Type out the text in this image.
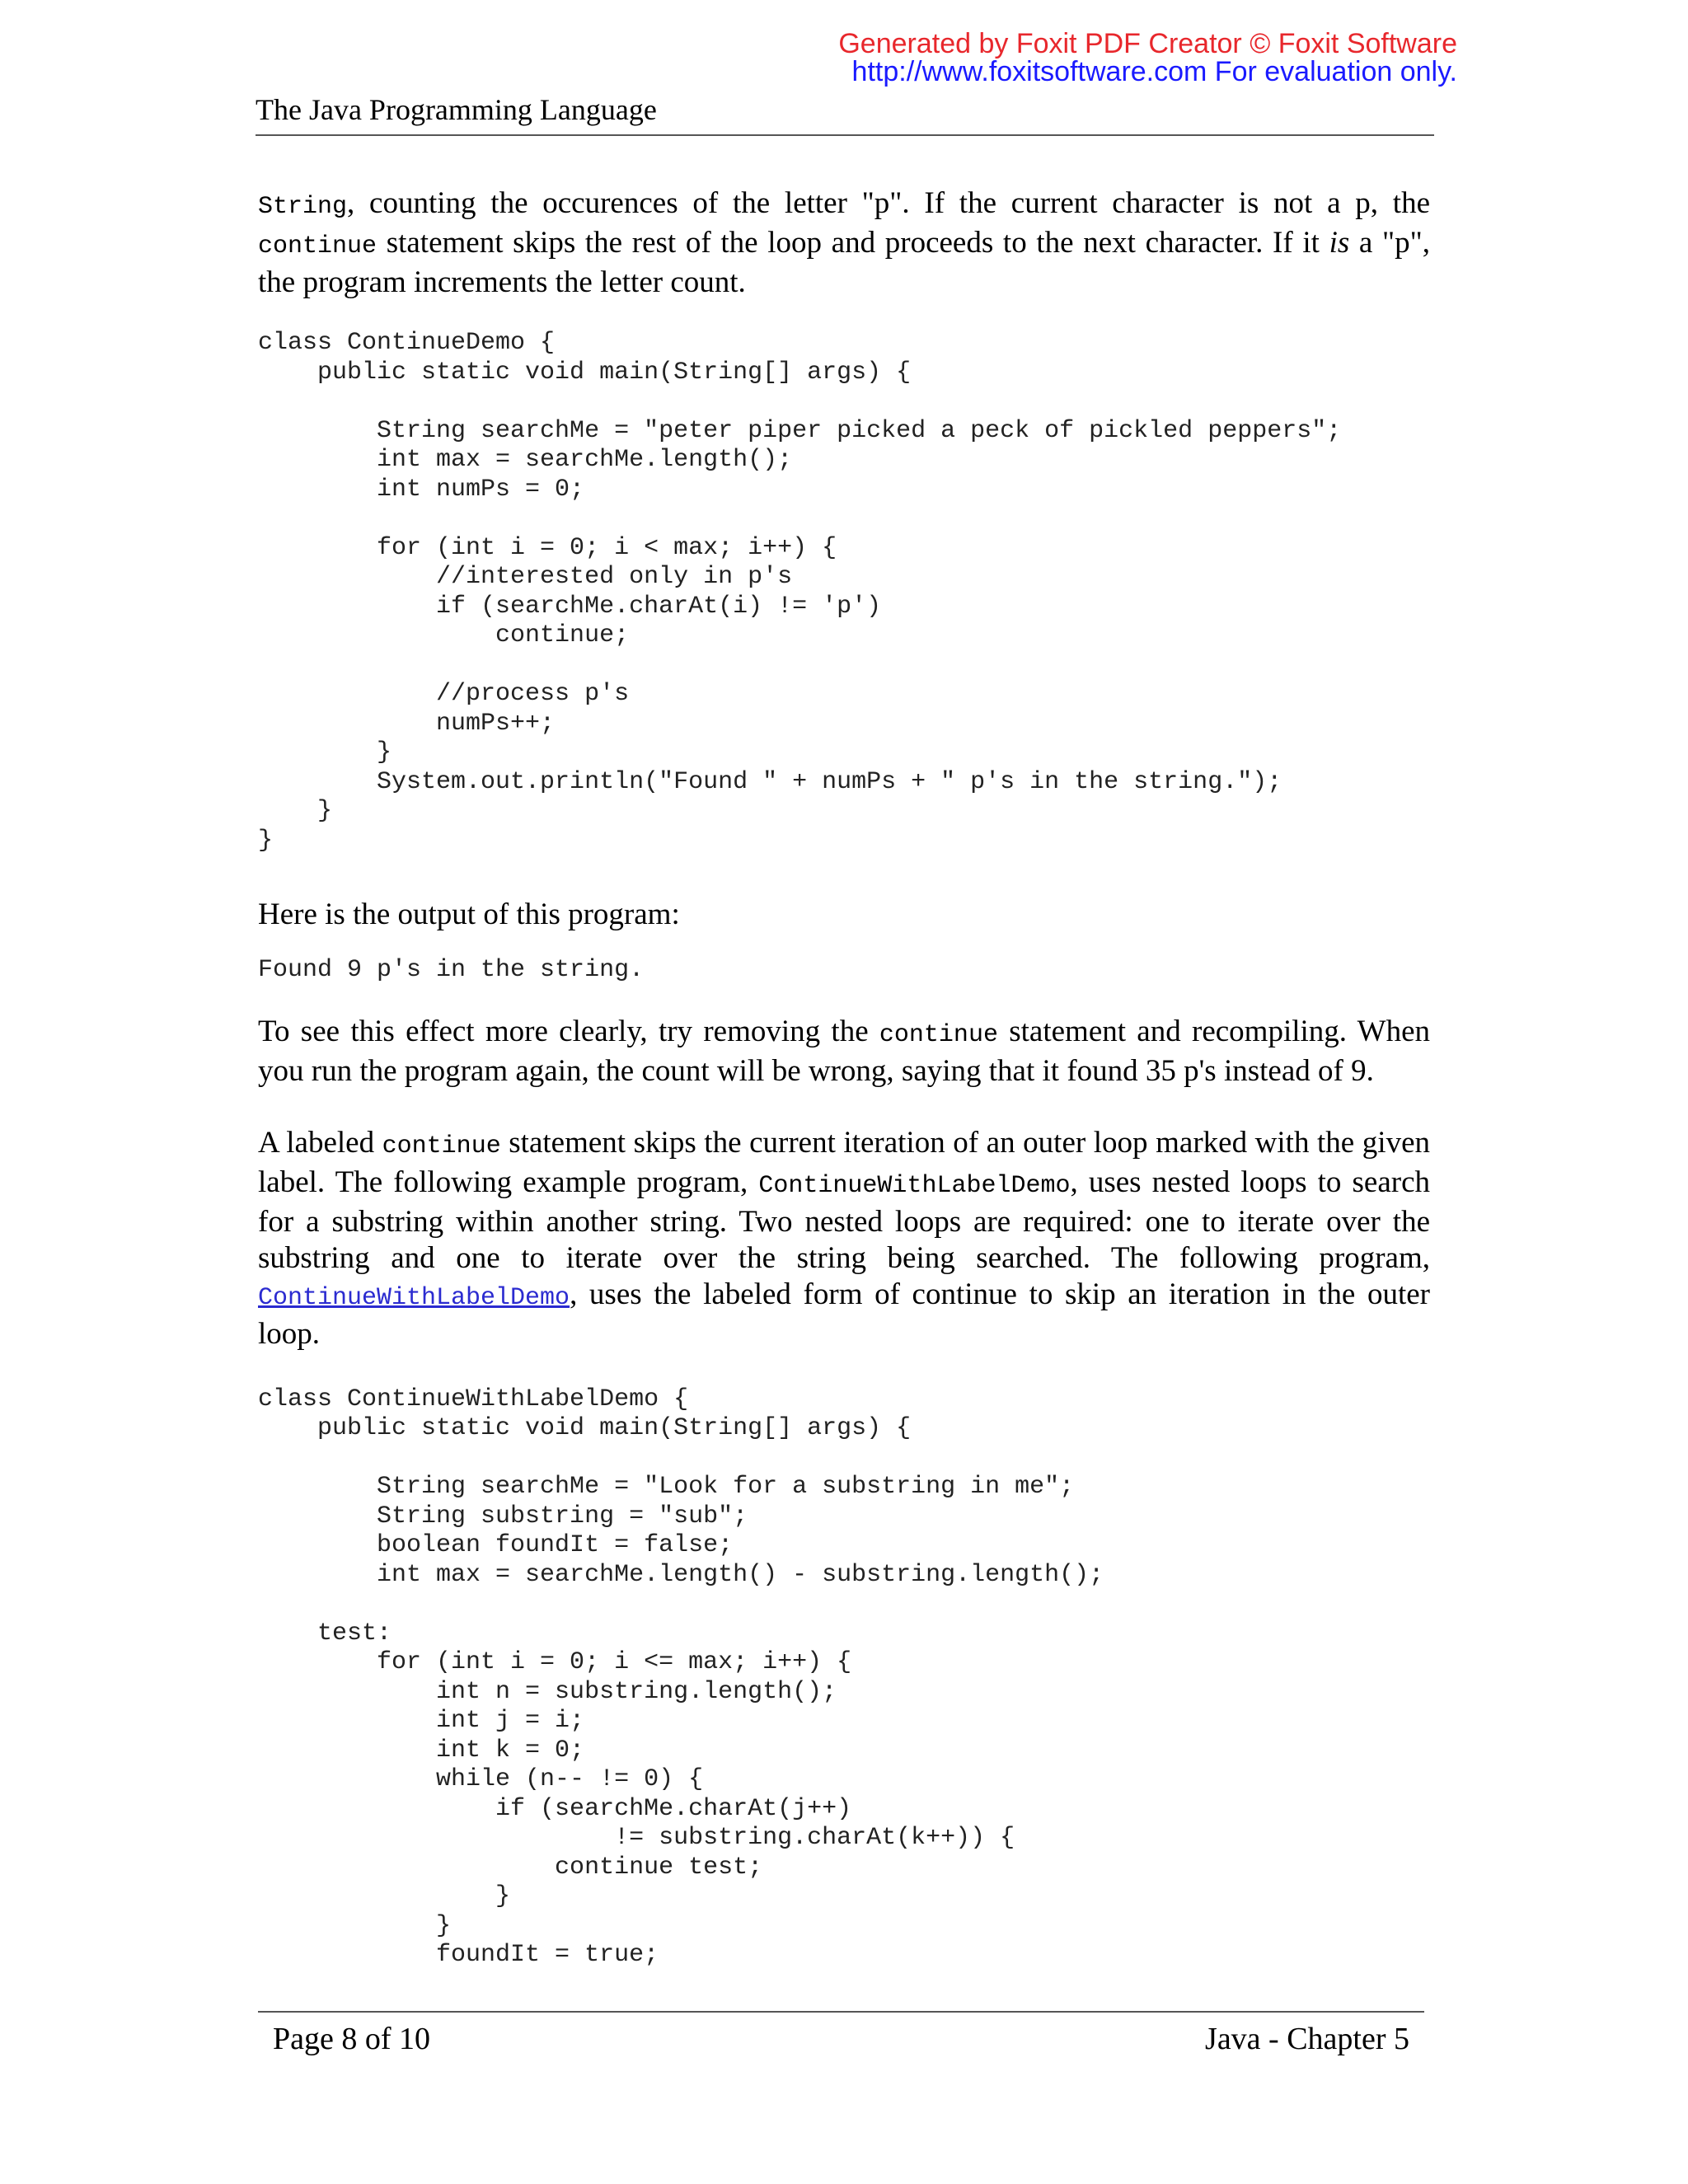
Generated by Foxit PDF Creator © Foxit Software
http://www.foxitsoftware.com For evaluation only.
The Java Programming Language

String, counting the occurences of the letter "p". If the current character is not a p, the continue statement skips the rest of the loop and proceeds to the next character. If it is a "p", the program increments the letter count.

class ContinueDemo {
public static void main(String[] args) {

String searchMe = "peter piper picked a peck of pickled peppers";
int max = searchMe.length();
int numPs = 0;

for (int i = 0; i < max; i++) {
//interested only in p's
if (searchMe.charAt(i) != 'p')
continue;

//process p's
numPs++;
}
System.out.println("Found " + numPs + " p's in the string.");
}
}

Here is the output of this program:

Found 9 p's in the string.

To see this effect more clearly, try removing the continue statement and recompiling. When you run the program again, the count will be wrong, saying that it found 35 p's instead of 9.

A labeled continue statement skips the current iteration of an outer loop marked with the given label. The following example program, ContinueWithLabelDemo, uses nested loops to search for a substring within another string. Two nested loops are required: one to iterate over the substring and one to iterate over the string being searched. The following program, ContinueWithLabelDemo, uses the labeled form of continue to skip an iteration in the outer loop.

class ContinueWithLabelDemo {
public static void main(String[] args) {

String searchMe = "Look for a substring in me";
String substring = "sub";
boolean foundIt = false;
int max = searchMe.length() - substring.length();

test:
for (int i = 0; i <= max; i++) {
int n = substring.length();
int j = i;
int k = 0;
while (n-- != 0) {
if (searchMe.charAt(j++)
!= substring.charAt(k++)) {
continue test;
}
}
foundIt = true;
Page 8 of 10	Java - Chapter 5
